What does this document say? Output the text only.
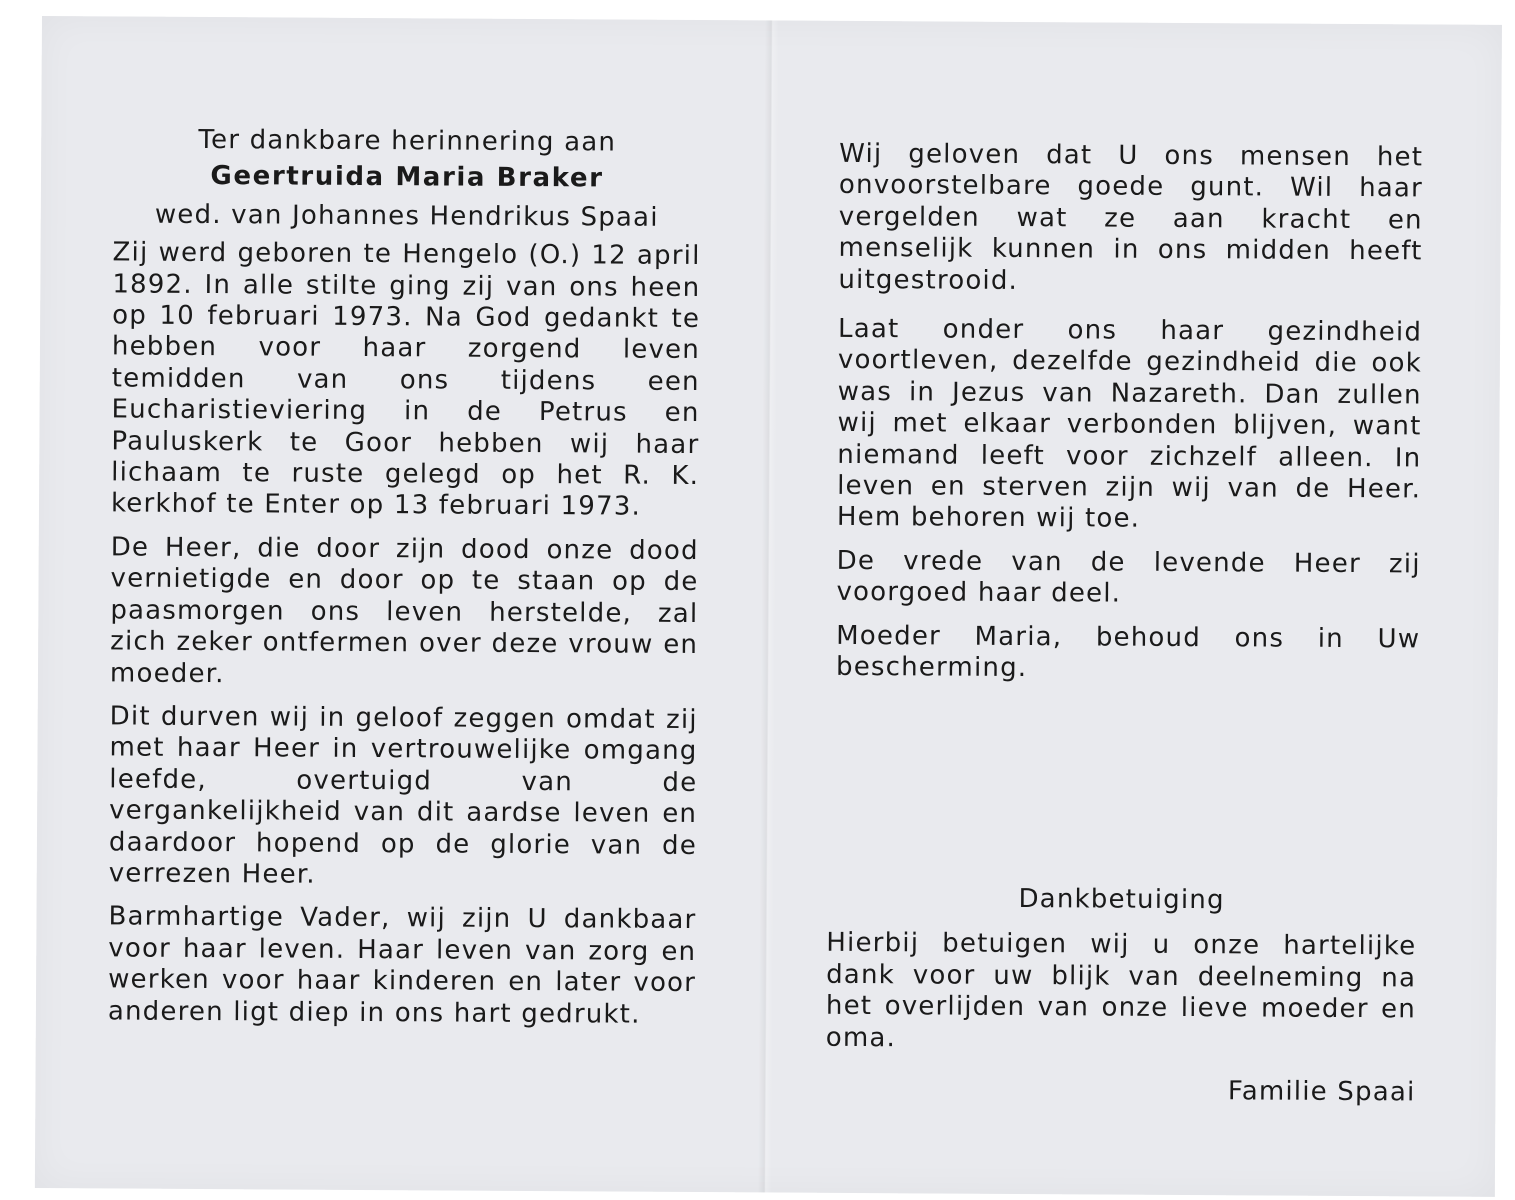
Ter dankbare herinnering aan
Geertruida Maria Braker
wed. van Johannes Hendrikus Spaai

Zij werd geboren te Hengelo (O.) 12 april 1892. In alle stilte ging zij van ons heen op 10 februari 1973. Na God gedankt te hebben voor haar zorgend leven temidden van ons tijdens een Eucharistieviering in de Petrus en Pauluskerk te Goor hebben wij haar lichaam te ruste gelegd op het R. K. kerkhof te Enter op 13 februari 1973.

De Heer, die door zijn dood onze dood vernietigde en door op te staan op de paasmorgen ons leven herstelde, zal zich zeker ontfermen over deze vrouw en moeder.

Dit durven wij in geloof zeggen omdat zij met haar Heer in vertrouwelijke omgang leefde, overtuigd van de vergankelijkheid van dit aardse leven en daardoor hopend op de glorie van de verrezen Heer.

Barmhartige Vader, wij zijn U dankbaar voor haar leven. Haar leven van zorg en werken voor haar kinderen en later voor anderen ligt diep in ons hart gedrukt.

Wij geloven dat U ons mensen het onvoorstelbare goede gunt. Wil haar vergelden wat ze aan kracht en menselijk kunnen in ons midden heeft uitgestrooid.

Laat onder ons haar gezindheid voortleven, dezelfde gezindheid die ook was in Jezus van Nazareth. Dan zullen wij met elkaar verbonden blijven, want niemand leeft voor zichzelf alleen. In leven en sterven zijn wij van de Heer. Hem behoren wij toe.

De vrede van de levende Heer zij voorgoed haar deel.

Moeder Maria, behoud ons in Uw bescherming.

Dankbetuiging

Hierbij betuigen wij u onze hartelijke dank voor uw blijk van deelneming na het overlijden van onze lieve moeder en oma.

Familie Spaai
